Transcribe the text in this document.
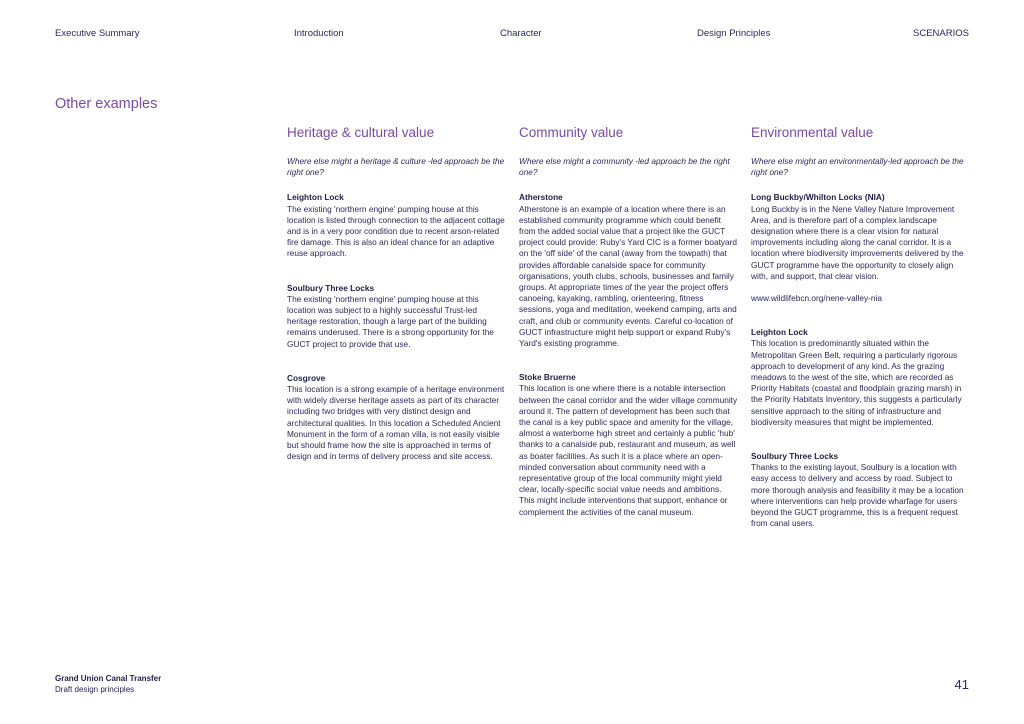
Executive Summary	Introduction	Character	Design Principles	SCENARIOS
Other examples
Heritage & cultural value

Where else might a heritage & culture -led approach be the right one?

Leighton Lock

The existing 'northern engine' pumping house at this location is listed through connection to the adjacent cottage and is in a very poor condition due to recent arson-related fire damage. This is also an ideal chance for an adaptive reuse approach.

Soulbury Three Locks

The existing 'northern engine' pumping house at this location was subject to a highly successful Trust-led heritage restoration, though a large part of the building remains underused. There is a strong opportunity for the GUCT project to provide that use.

Cosgrove

This location is a strong example of a heritage environment with widely diverse heritage assets as part of its character including two bridges with very distinct design and architectural qualities. In this location a Scheduled Ancient Monument in the form of a roman villa, is not easily visible but should frame how the site is approached in terms of design and in terms of delivery process and site access.

Community value

Where else might a community -led approach be the right one?

Atherstone

Atherstone is an example of a location where there is an established community programme which could benefit from the added social value that a project like the GUCT project could provide: Ruby's Yard CIC is a former boatyard on the 'off side' of the canal (away from the towpath) that provides affordable canalside space for community organisations, youth clubs, schools, businesses and family groups. At appropriate times of the year the project offers canoeing, kayaking, rambling, orienteering, fitness sessions, yoga and meditation, weekend camping, arts and craft, and club or community events. Careful co-location of GUCT infrastructure might help support or expand Ruby's Yard's existing programme.

Stoke Bruerne

This location is one where there is a notable intersection between the canal corridor and the wider village community around it. The pattern of development has been such that the canal is a key public space and amenity for the village, almost a waterborne high street and certainly a public 'hub' thanks to a canalside pub, restaurant and museum, as well as boater facilities. As such it is a place where an open-minded conversation about community need with a representative group of the local community might yield clear, locally-specific social value needs and ambitions. This might include interventions that support, enhance or complement the activities of the canal museum.

Environmental value

Where else might an environmentally-led approach be the right one?

Long Buckby/Whilton Locks (NIA)

Long Buckby is in the Nene Valley Nature Improvement Area, and is therefore part of a complex landscape designation where there is a clear vision for natural improvements including along the canal corridor. It is a location where biodiversity improvements delivered by the GUCT programme have the opportunity to closely align with, and support, that clear vision.

www.wildlifebcn.org/nene-valley-nia

Leighton Lock

This location is predominantly situated within the Metropolitan Green Belt, requiring a particularly rigorous approach to development of any kind. As the grazing meadows to the west of the site, which are recorded as Priority Habitats (coastal and floodplain grazing marsh) in the Priority Habitats Inventory, this suggests a particularly sensitive approach to the siting of infrastructure and biodiversity measures that might be implemented.

Soulbury Three Locks

Thanks to the existing layout, Soulbury is a location with easy access to delivery and access by road. Subject to more thorough analysis and feasibility it may be a location where interventions can help provide wharfage for users beyond the GUCT programme, this is a frequent request from canal users.

Grand Union Canal Transfer
Draft design principles	41
